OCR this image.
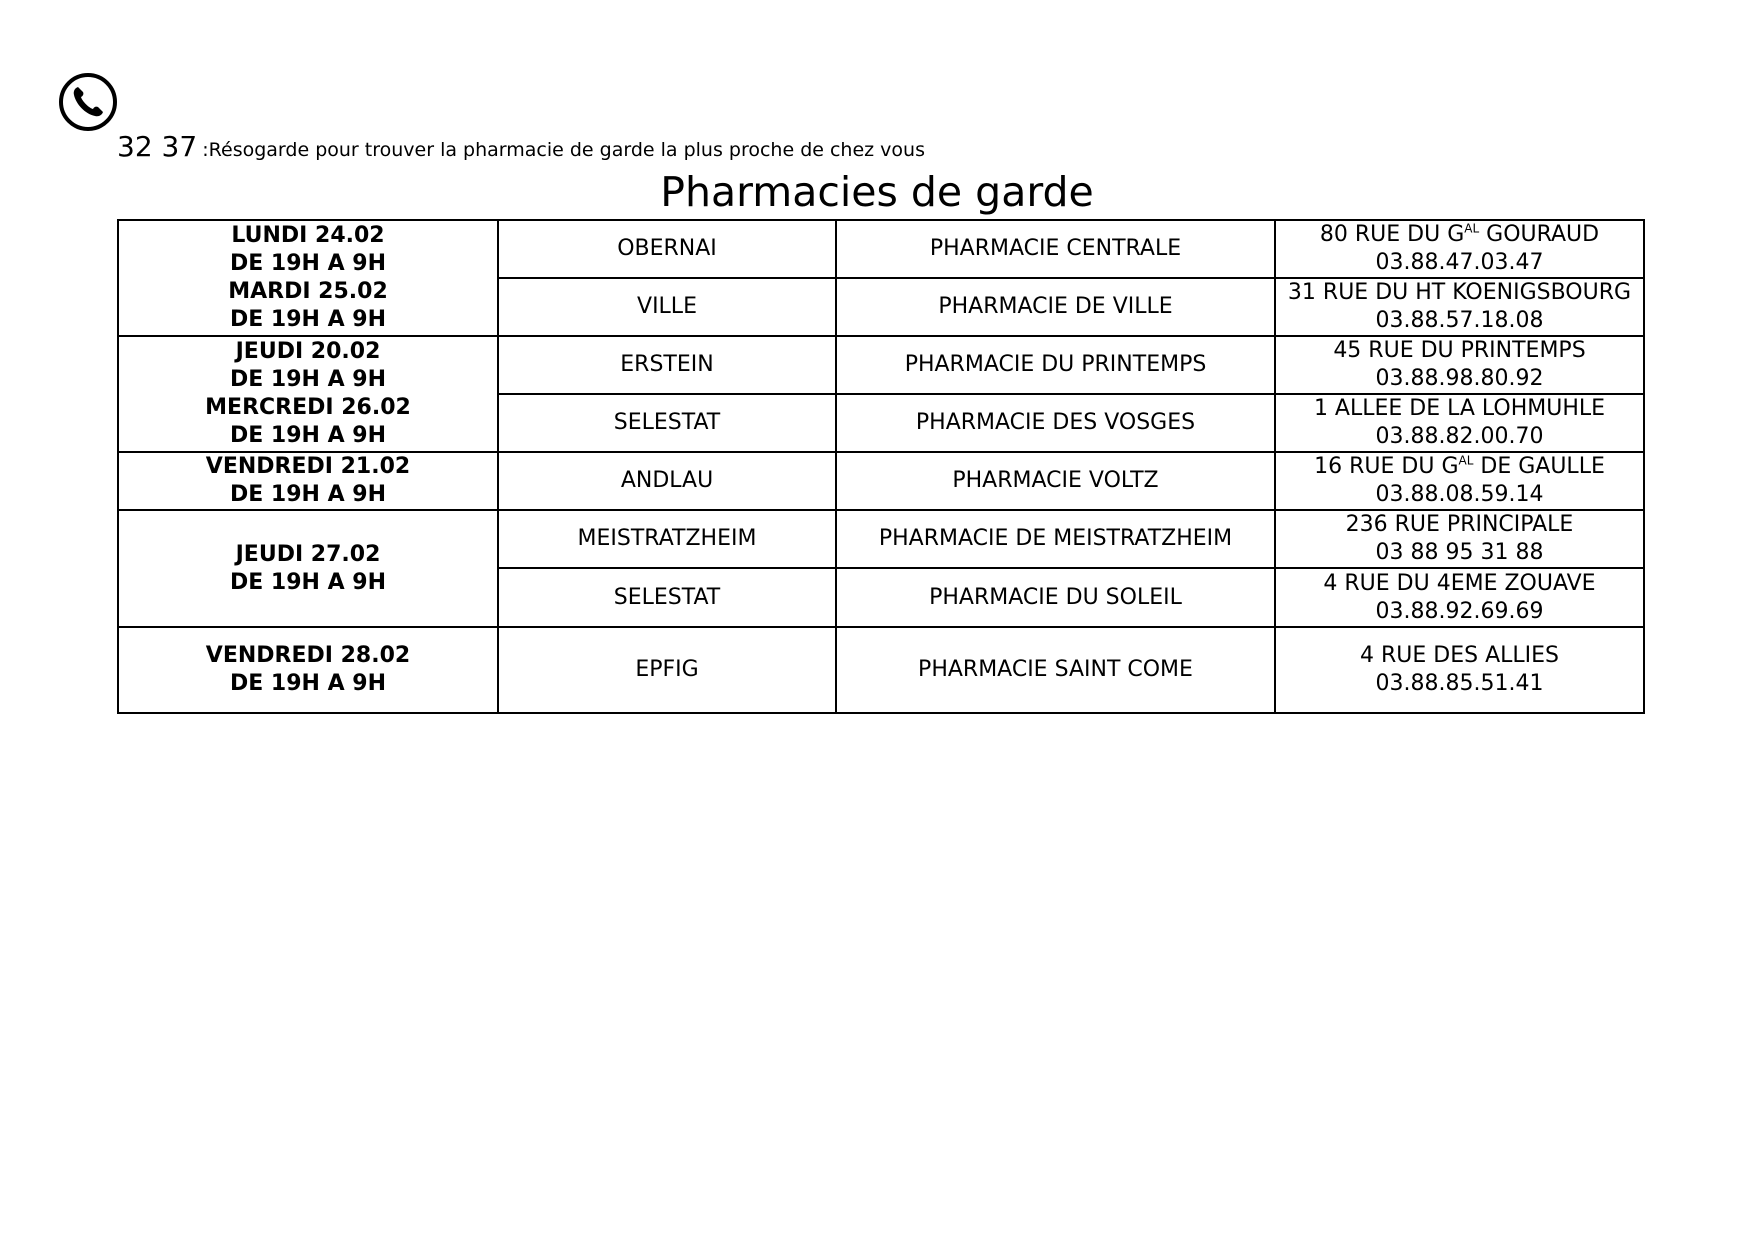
32 37 :Résogarde pour trouver la pharmacie de garde la plus proche de chez vous
Pharmacies de garde
LUNDI 24.02
DE 19H A 9H
MARDI 25.02
DE 19H A 9H	OBERNAI	PHARMACIE CENTRALE	80 RUE DU $G^{AL}$ GOURAUD
03.88.47.03.47

	VILLE	PHARMACIE DE VILLE	31 RUE DU HT KOENIGSBOURG
03.88.57.18.08

JEUDI 20.02
DE 19H A 9H
MERCREDI 26.02
DE 19H A 9H	ERSTEIN	PHARMACIE DU PRINTEMPS	45 RUE DU PRINTEMPS
03.88.98.80.92

	SELESTAT	PHARMACIE DES VOSGES	1 ALLEE DE LA LOHMUHLE
03.88.82.00.70

VENDREDI 21.02
DE 19H A 9H	ANDLAU	PHARMACIE VOLTZ	16 RUE DU $G^{AL}$ DE GAULLE
03.88.08.59.14

JEUDI 27.02
DE 19H A 9H	MEISTRATZHEIM	PHARMACIE DE MEISTRATZHEIM	236 RUE PRINCIPALE
03 88 95 31 88

	SELESTAT	PHARMACIE DU SOLEIL	4 RUE DU 4EME ZOUAVE
03.88.92.69.69

VENDREDI 28.02
DE 19H A 9H	EPFIG	PHARMACIE SAINT COME	4 RUE DES ALLIES
03.88.85.51.41
